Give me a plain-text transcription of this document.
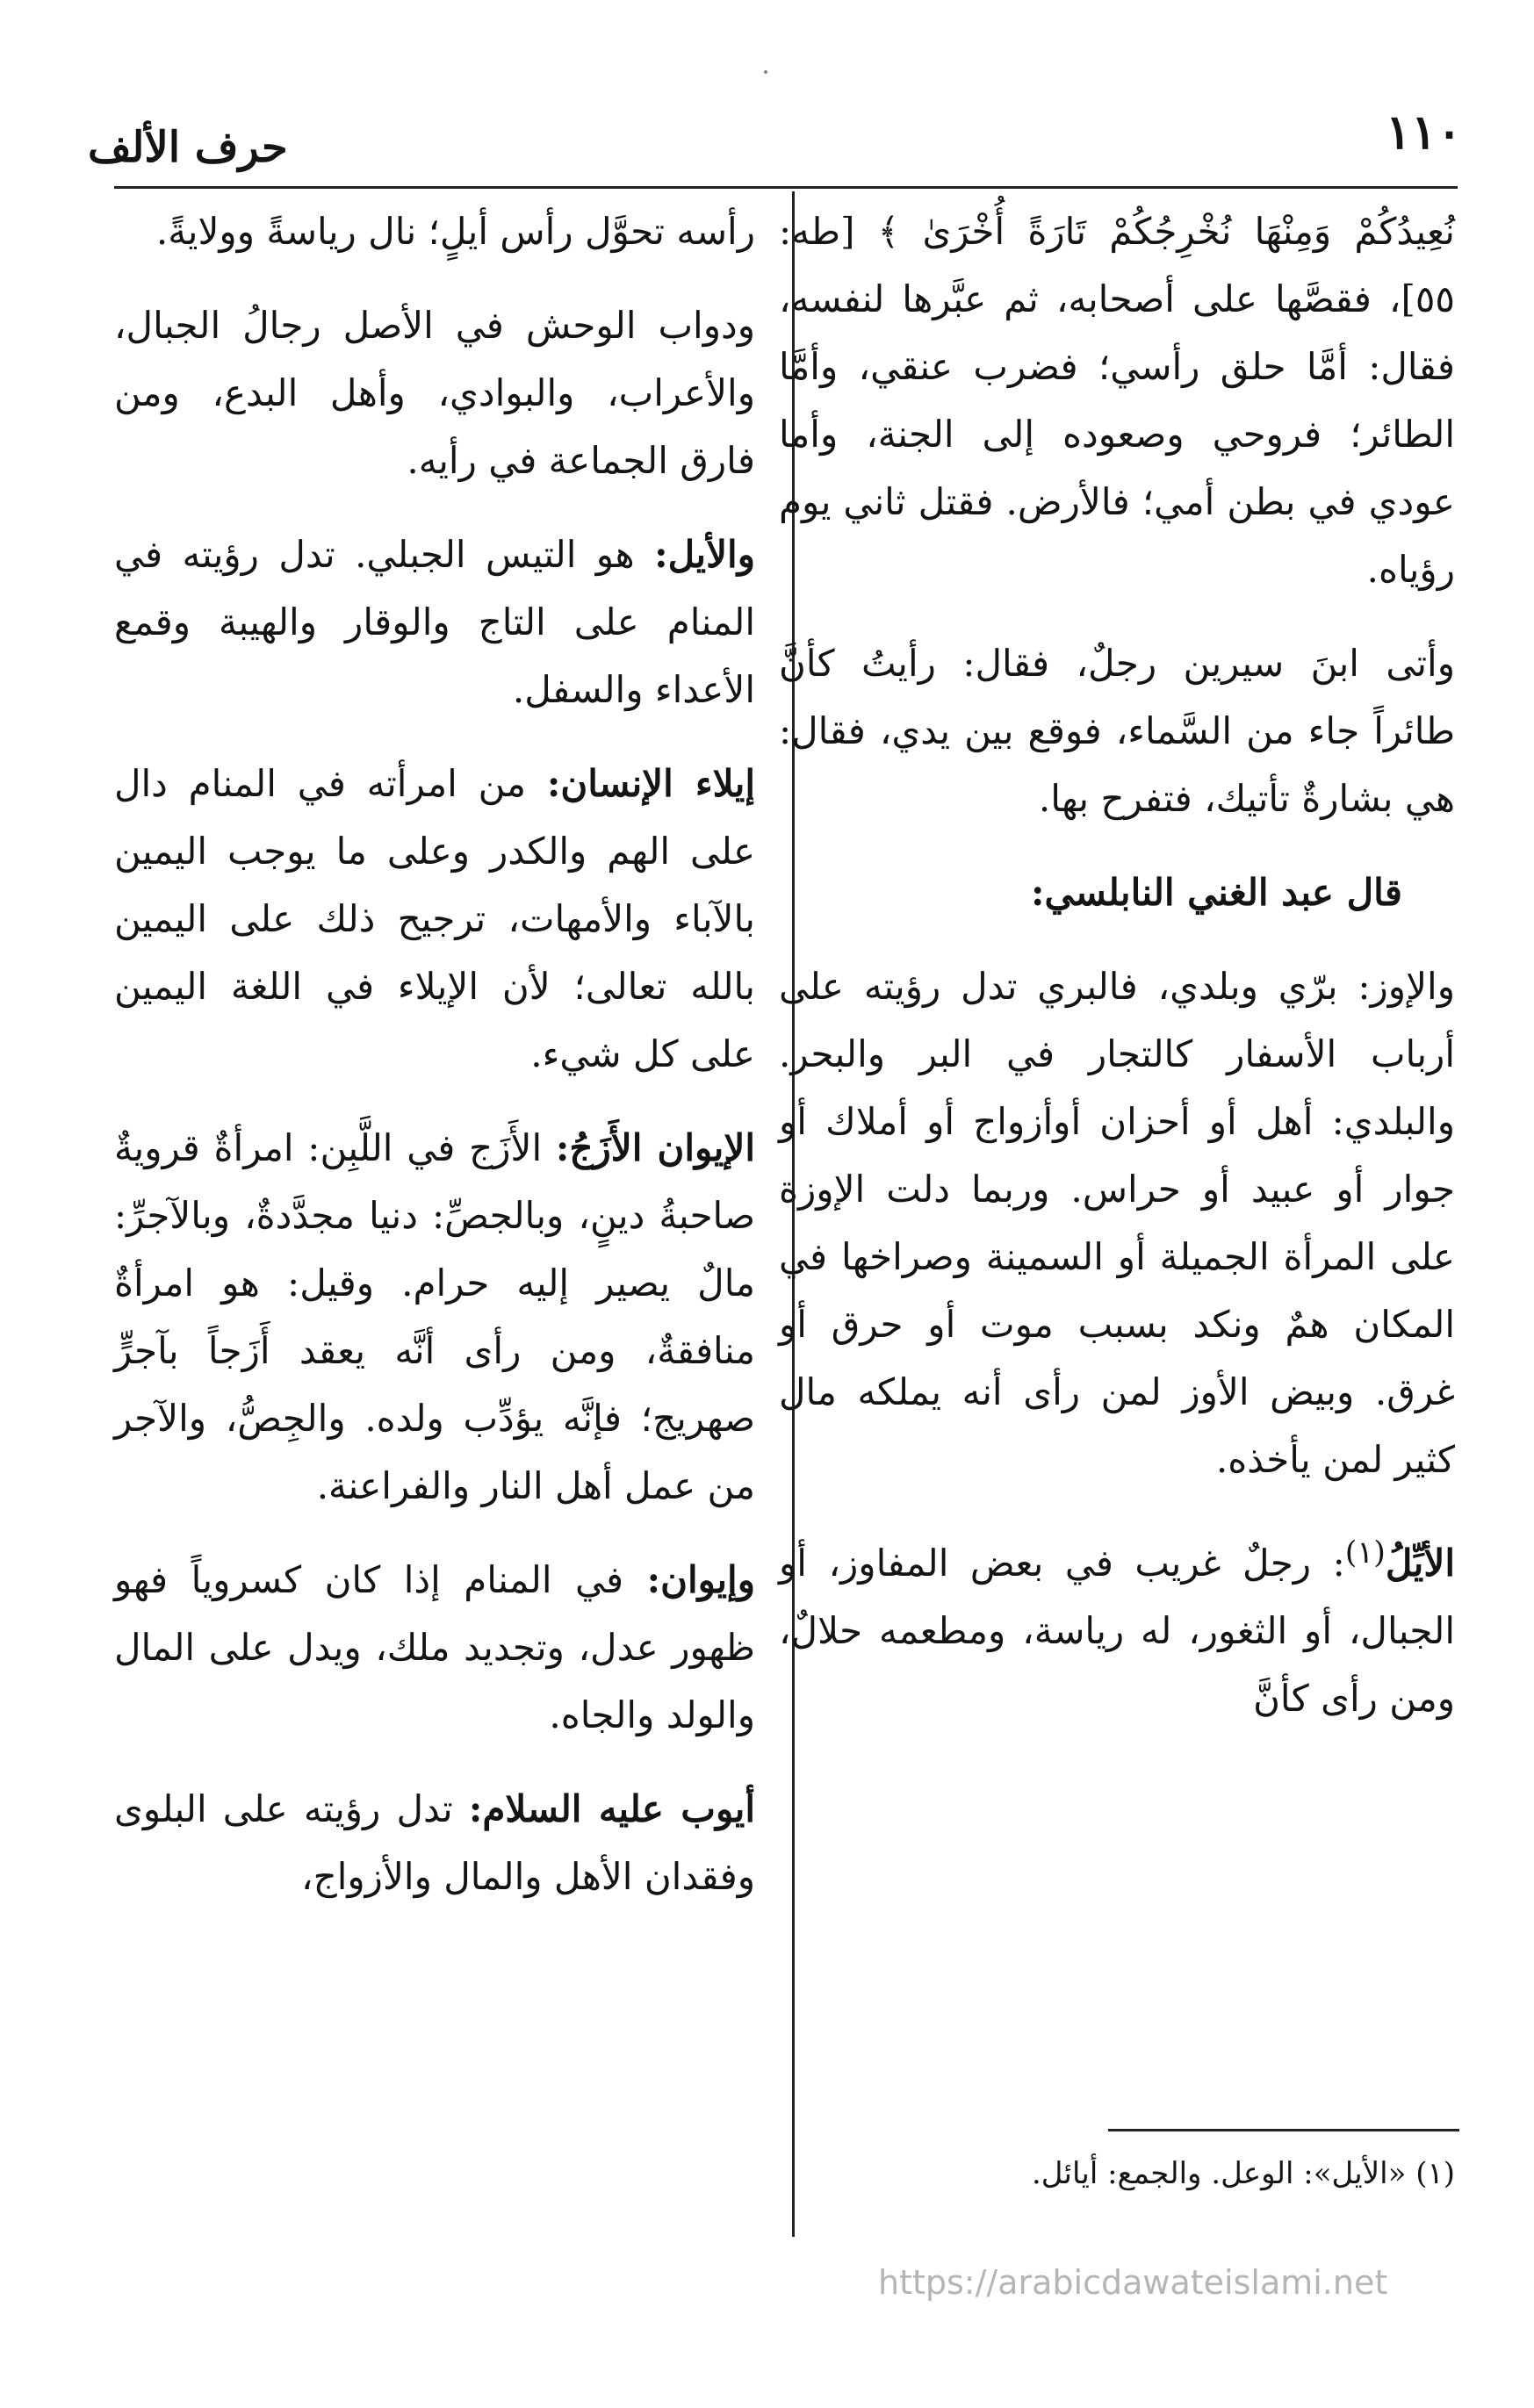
١١٠
حرف الألف

نُعِيدُكُمْ وَمِنْهَا نُخْرِجُكُمْ تَارَةً أُخْرَىٰ ﴾ [طه: ٥٥]، فقصَّها على أصحابه، ثم عبَّرها لنفسه، فقال: أمَّا حلق رأسي؛ فضرب عنقي، وأمَّا الطائر؛ فروحي وصعوده إلى الجنة، وأما عودي في بطن أمي؛ فالأرض. فقتل ثاني يوم رؤياه.

وأتى ابنَ سيرين رجلٌ، فقال: رأيتُ كأنَّ طائراً جاء من السَّماء، فوقع بين يدي، فقال: هي بشارةٌ تأتيك، فتفرح بها.

قال عبد الغني النابلسي:

والإوز: برّي وبلدي، فالبري تدل رؤيته على أرباب الأسفار كالتجار في البر والبحر. والبلدي: أهل أو أحزان أوأزواج أو أملاك أو جوار أو عبيد أو حراس. وربما دلت الإوزة على المرأة الجميلة أو السمينة وصراخها في المكان همٌ ونكد بسبب موت أو حرق أو غرق. وبيض الأوز لمن رأى أنه يملكه مال كثير لمن يأخذه.

الأيِّلُ$^{(١)}$: رجلٌ غريب في بعض المفاوز، أو الجبال، أو الثغور، له رياسة، ومطعمه حلالٌ، ومن رأى كأنَّ

رأسه تحوَّل رأس أيلٍ؛ نال رياسةً وولايةً.

ودواب الوحش في الأصل رجالُ الجبال، والأعراب، والبوادي، وأهل البدع، ومن فارق الجماعة في رأيه.

والأيل: هو التيس الجبلي. تدل رؤيته في المنام على التاج والوقار والهيبة وقمع الأعداء والسفل.

إيلاء الإنسان: من امرأته في المنام دال على الهم والكدر وعلى ما يوجب اليمين بالآباء والأمهات، ترجيح ذلك على اليمين بالله تعالى؛ لأن الإيلاء في اللغة اليمين على كل شيء.

الإيوان الأَزَجُ: الأَزَج في اللَّبِن: امرأةٌ قرويةٌ صاحبةُ دينٍ، وبالجصِّ: دنيا مجدَّدةٌ، وبالآجرِّ: مالٌ يصير إليه حرام. وقيل: هو امرأةٌ منافقةٌ، ومن رأى أنَّه يعقد أَزَجاً بآجرٍّ صهريج؛ فإنَّه يؤدِّب ولده. والجِصُّ، والآجر من عمل أهل النار والفراعنة.

وإيوان: في المنام إذا كان كسروياً فهو ظهور عدل، وتجديد ملك، ويدل على المال والولد والجاه.

أيوب عليه السلام: تدل رؤيته على البلوى وفقدان الأهل والمال والأزواج،

(١) «الأيل»: الوعل. والجمع: أيائل.
https://arabicdawateislami.net
